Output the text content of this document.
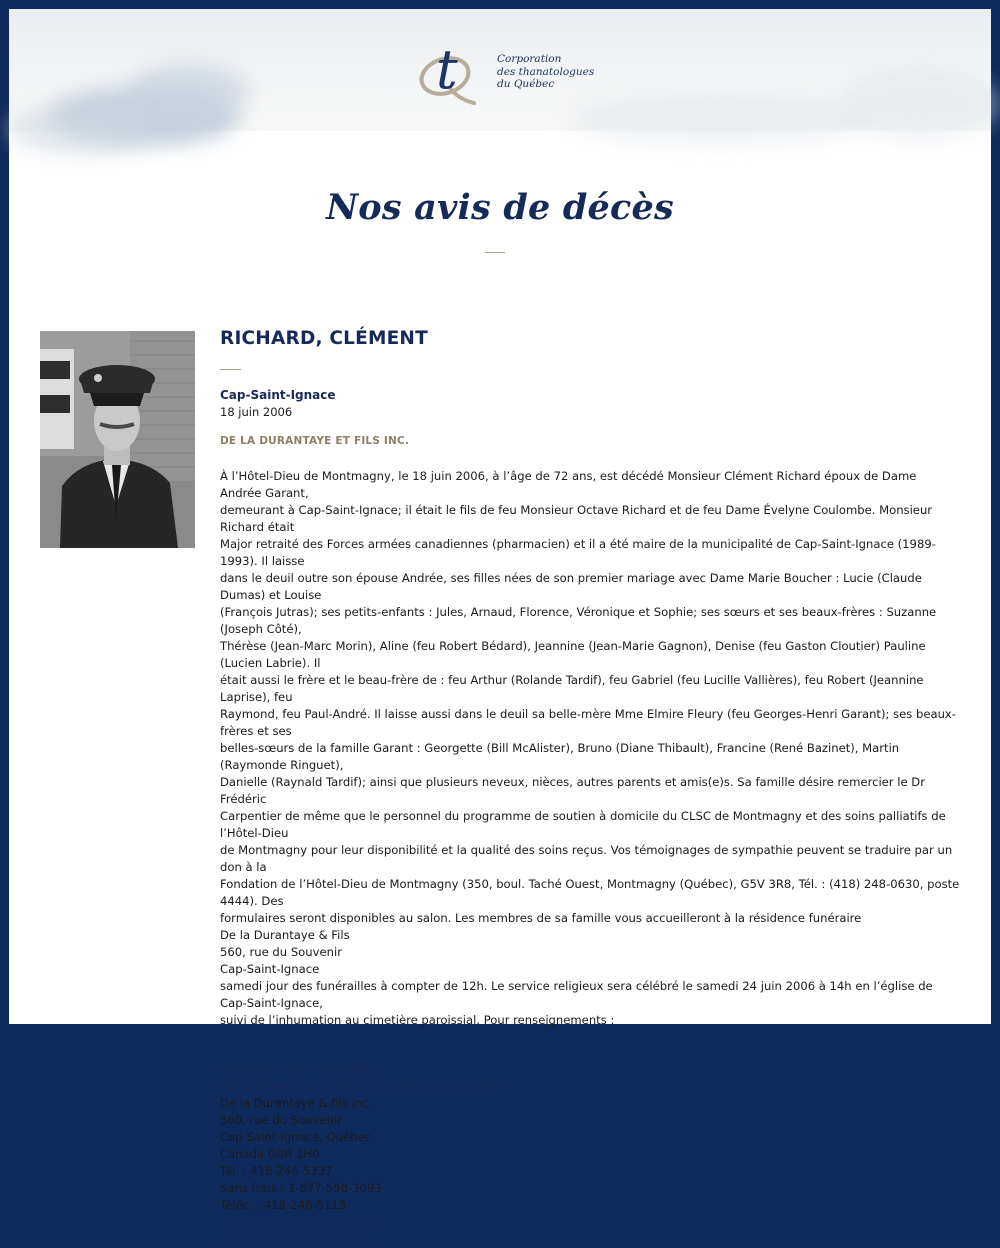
t	Corporation
des thanatologues
du Québec
Nos avis de décès
RICHARD, CLÉMENT
Cap-Saint-Ignace
18 juin 2006
DE LA DURANTAYE ET FILS INC.
À l’Hôtel-Dieu de Montmagny, le 18 juin 2006, à l’âge de 72 ans, est décédé Monsieur Clément Richard époux de Dame Andrée Garant,
demeurant à Cap-Saint-Ignace; il était le fils de feu Monsieur Octave Richard et de feu Dame Évelyne Coulombe. Monsieur Richard était
Major retraité des Forces armées canadiennes (pharmacien) et il a été maire de la municipalité de Cap-Saint-Ignace (1989-1993). Il laisse
dans le deuil outre son épouse Andrée, ses filles nées de son premier mariage avec Dame Marie Boucher : Lucie (Claude Dumas) et Louise
(François Jutras); ses petits-enfants : Jules, Arnaud, Florence, Véronique et Sophie; ses sœurs et ses beaux-frères : Suzanne (Joseph Côté),
Thérèse (Jean-Marc Morin), Aline (feu Robert Bédard), Jeannine (Jean-Marie Gagnon), Denise (feu Gaston Cloutier) Pauline (Lucien Labrie). Il
était aussi le frère et le beau-frère de : feu Arthur (Rolande Tardif), feu Gabriel (feu Lucille Vallières), feu Robert (Jeannine Laprise), feu
Raymond, feu Paul-André. Il laisse aussi dans le deuil sa belle-mère Mme Elmire Fleury (feu Georges-Henri Garant); ses beaux-frères et ses
belles-sœurs de la famille Garant : Georgette (Bill McAlister), Bruno (Diane Thibault), Francine (René Bazinet), Martin (Raymonde Ringuet),
Danielle (Raynald Tardif); ainsi que plusieurs neveux, nièces, autres parents et amis(e)s. Sa famille désire remercier le Dr Frédéric
Carpentier de même que le personnel du programme de soutien à domicile du CLSC de Montmagny et des soins palliatifs de l’Hôtel-Dieu
de Montmagny pour leur disponibilité et la qualité des soins reçus. Vos témoignages de sympathie peuvent se traduire par un don à la
Fondation de l’Hôtel-Dieu de Montmagny (350, boul. Taché Ouest, Montmagny (Québec), G5V 3R8, Tél. : (418) 248-0630, poste 4444). Des
formulaires seront disponibles au salon. Les membres de sa famille vous accueilleront à la résidence funéraire
De la Durantaye & Fils
560, rue du Souvenir
Cap-Saint-Ignace
samedi jour des funérailles à compter de 12h. Le service religieux sera célébré le samedi 24 juin 2006 à 14h en l’église de Cap-Saint-Ignace,
suivi de l’inhumation au cimetière paroissial. Pour renseignements :
Direction des funérailles
Entreprises funéraires membres de la CTQ
De la Durantaye & fils inc.
560, rue du Souvenir
Cap-Saint-Ignace, Québec
Canada G0R 1H0
Tél. : 418-246-5337
Sans frais : 1-877-598-3093
Téléc. : 418-246-5115
info@deladurantaye.qc.ca
www.deladurantaye.qc.ca
